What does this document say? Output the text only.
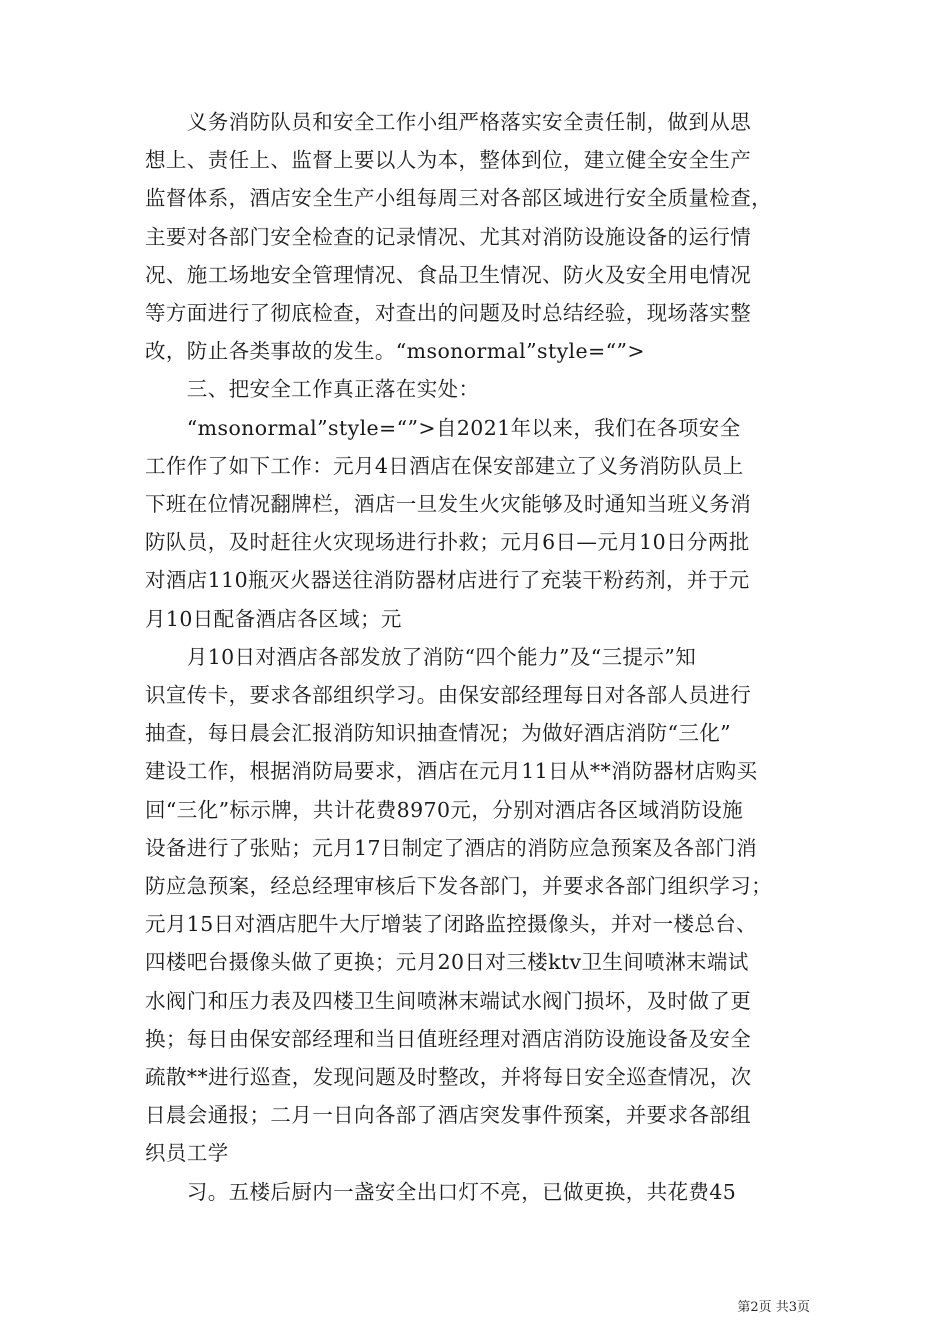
　　义务消防队员和安全工作小组严格落实安全责任制，做到从思
想上、责任上、监督上要以人为本，整体到位，建立健全安全生产
监督体系，酒店安全生产小组每周三对各部区域进行安全质量检查，
主要对各部门安全检查的记录情况、尤其对消防设施设备的运行情
况、施工场地安全管理情况、食品卫生情况、防火及安全用电情况
等方面进行了彻底检查，对查出的问题及时总结经验，现场落实整
改，防止各类事故的发生。“msonormal”style=“”>
　　三、把安全工作真正落在实处：
　　“msonormal”style=“”>自2021年以来，我们在各项安全
工作作了如下工作：元月4日酒店在保安部建立了义务消防队员上
下班在位情况翻牌栏，酒店一旦发生火灾能够及时通知当班义务消
防队员，及时赶往火灾现场进行扑救；元月6日—元月10日分两批
对酒店110瓶灭火器送往消防器材店进行了充装干粉药剂，并于元
月10日配备酒店各区域；元
　　月10日对酒店各部发放了消防“四个能力”及“三提示”知
识宣传卡，要求各部组织学习。由保安部经理每日对各部人员进行
抽查，每日晨会汇报消防知识抽查情况；为做好酒店消防“三化”
建设工作，根据消防局要求，酒店在元月11日从**消防器材店购买
回“三化”标示牌，共计花费8970元，分别对酒店各区域消防设施
设备进行了张贴；元月17日制定了酒店的消防应急预案及各部门消
防应急预案，经总经理审核后下发各部门，并要求各部门组织学习；
元月15日对酒店肥牛大厅增装了闭路监控摄像头，并对一楼总台、
四楼吧台摄像头做了更换；元月20日对三楼ktv卫生间喷淋末端试
水阀门和压力表及四楼卫生间喷淋末端试水阀门损坏，及时做了更
换；每日由保安部经理和当日值班经理对酒店消防设施设备及安全
疏散**进行巡查，发现问题及时整改，并将每日安全巡查情况，次
日晨会通报；二月一日向各部了酒店突发事件预案，并要求各部组
织员工学
　　习。五楼后厨内一盏安全出口灯不亮，已做更换，共花费45
第2页 共3页
